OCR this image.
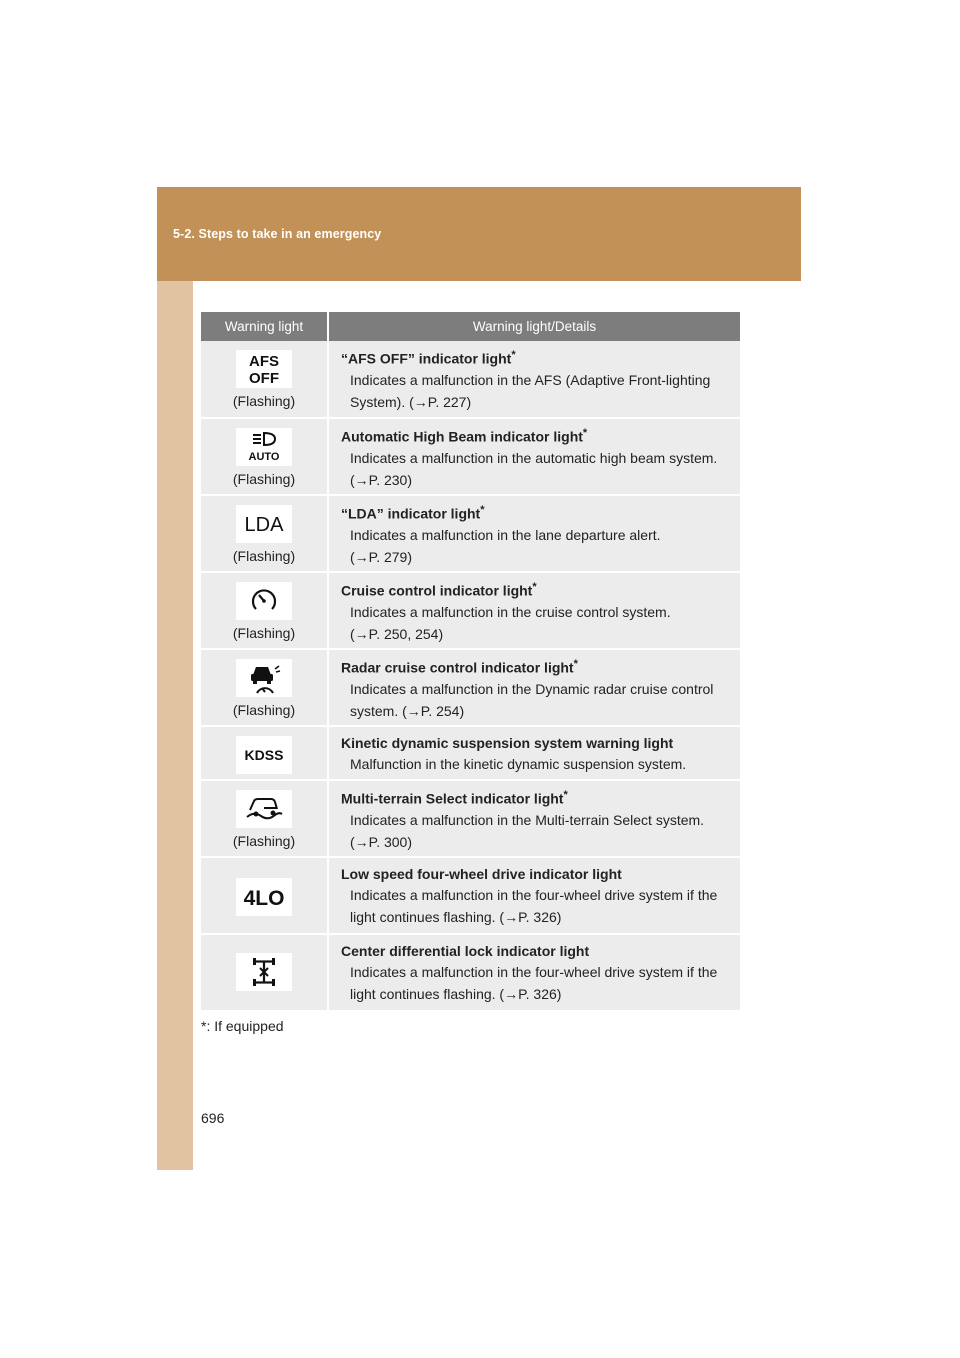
5-2. Steps to take in an emergency
Warning light	Warning light/Details
AFS
OFF
(Flashing)
“AFS OFF” indicator light*
Indicates a malfunction in the AFS (Adaptive Front-lighting
System). (→P. 227)
AUTO
(Flashing)
Automatic High Beam indicator light*
Indicates a malfunction in the automatic high beam system.
(→P. 230)
LDA
(Flashing)
“LDA” indicator light*
Indicates a malfunction in the lane departure alert.
(→P. 279)
(Flashing)
Cruise control indicator light*
Indicates a malfunction in the cruise control system.
(→P. 250, 254)
(Flashing)
Radar cruise control indicator light*
Indicates a malfunction in the Dynamic radar cruise control
system. (→P. 254)
KDSS
Kinetic dynamic suspension system warning light
Malfunction in the kinetic dynamic suspension system.
(Flashing)
Multi-terrain Select indicator light*
Indicates a malfunction in the Multi-terrain Select system.
(→P. 300)
4LO
Low speed four-wheel drive indicator light
Indicates a malfunction in the four-wheel drive system if the
light continues flashing. (→P. 326)
Center differential lock indicator light
Indicates a malfunction in the four-wheel drive system if the
light continues flashing. (→P. 326)
*: If equipped
696
